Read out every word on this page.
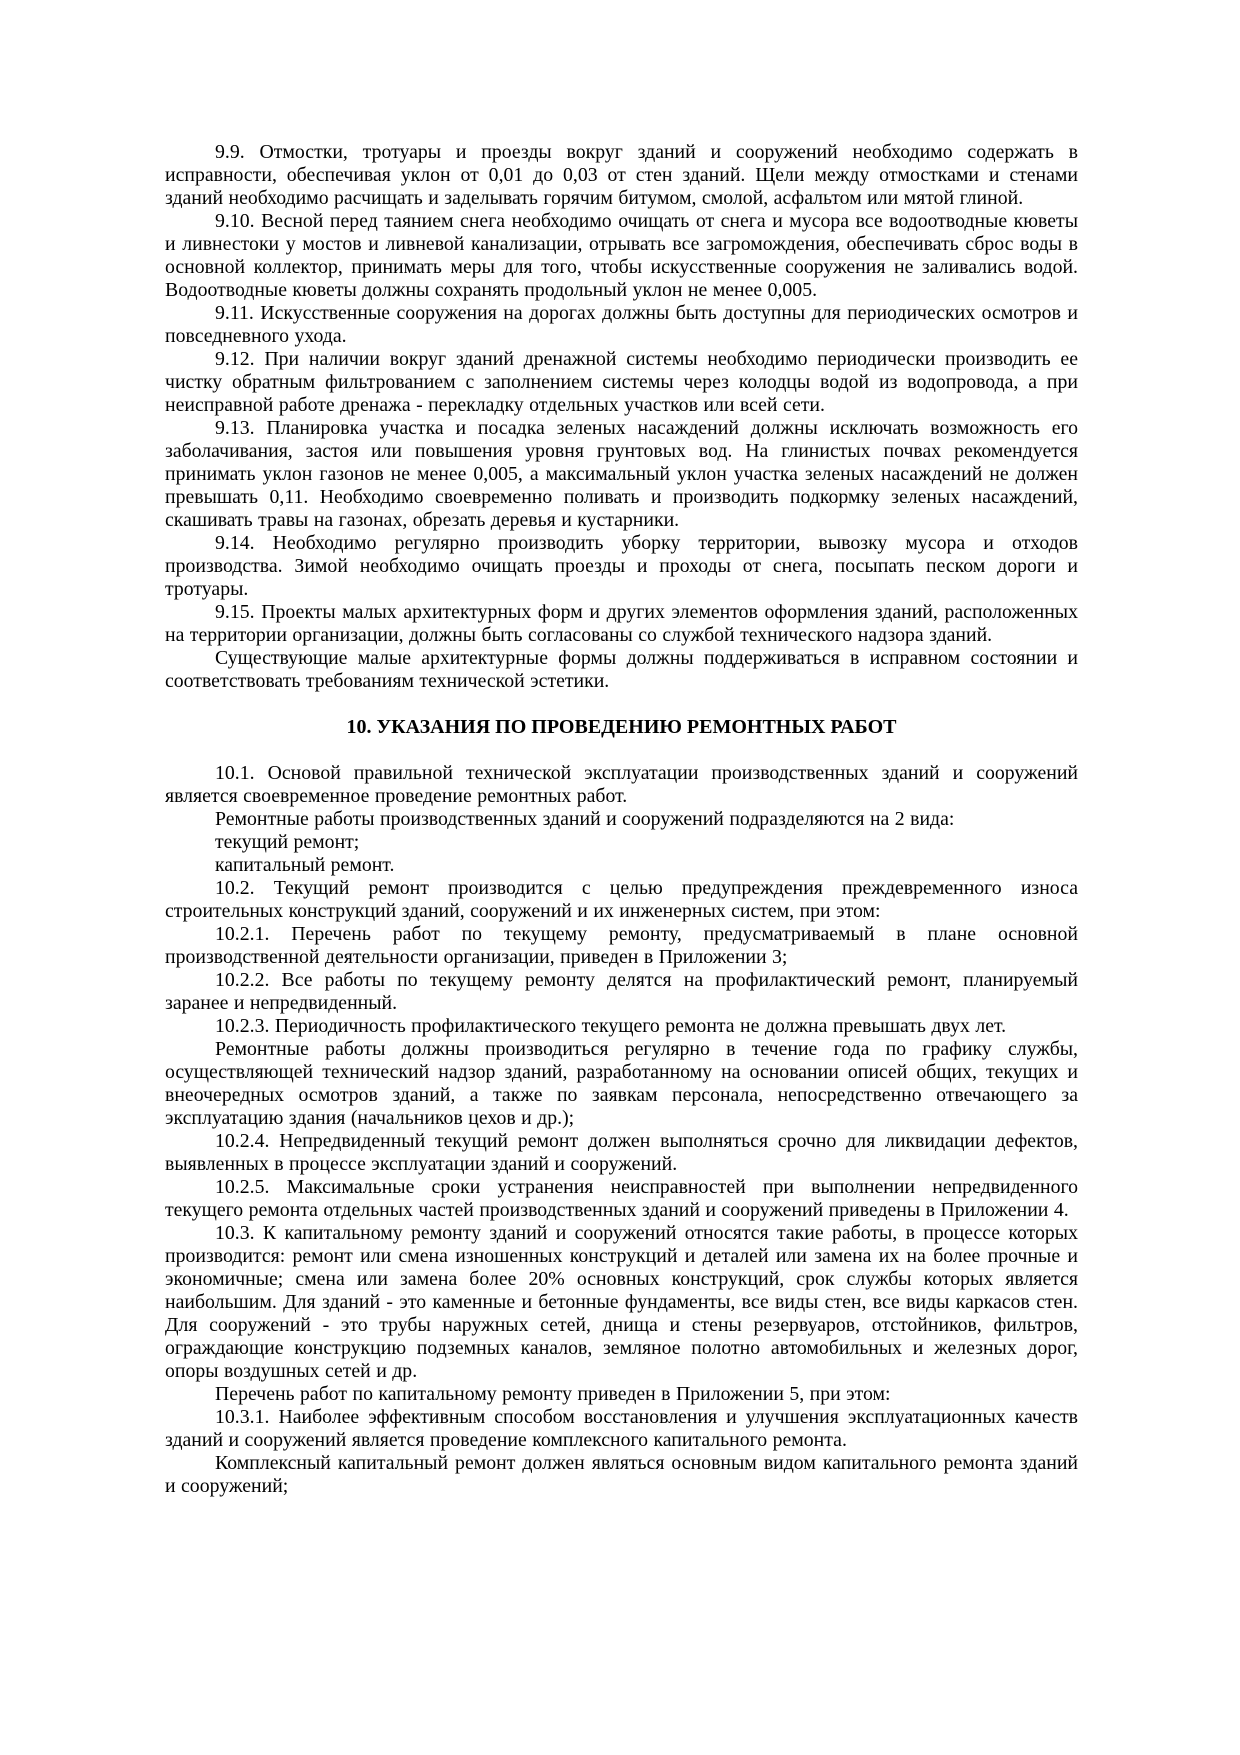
9.9. Отмостки, тротуары и проезды вокруг зданий и сооружений необходимо содержать в исправности, обеспечивая уклон от 0,01 до 0,03 от стен зданий. Щели между отмостками и стенами зданий необходимо расчищать и заделывать горячим битумом, смолой, асфальтом или мятой глиной.

9.10. Весной перед таянием снега необходимо очищать от снега и мусора все водоотводные кюветы и ливнестоки у мостов и ливневой канализации, отрывать все загромождения, обеспечивать сброс воды в основной коллектор, принимать меры для того, чтобы искусственные сооружения не заливались водой. Водоотводные кюветы должны сохранять продольный уклон не менее 0,005.

9.11. Искусственные сооружения на дорогах должны быть доступны для периодических осмотров и повседневного ухода.

9.12. При наличии вокруг зданий дренажной системы необходимо периодически производить ее чистку обратным фильтрованием с заполнением системы через колодцы водой из водопровода, а при неисправной работе дренажа - перекладку отдельных участков или всей сети.

9.13. Планировка участка и посадка зеленых насаждений должны исключать возможность его заболачивания, застоя или повышения уровня грунтовых вод. На глинистых почвах рекомендуется принимать уклон газонов не менее 0,005, а максимальный уклон участка зеленых насаждений не должен превышать 0,11. Необходимо своевременно поливать и производить подкормку зеленых насаждений, скашивать травы на газонах, обрезать деревья и кустарники.

9.14. Необходимо регулярно производить уборку территории, вывозку мусора и отходов производства. Зимой необходимо очищать проезды и проходы от снега, посыпать песком дороги и тротуары.

9.15. Проекты малых архитектурных форм и других элементов оформления зданий, расположенных на территории организации, должны быть согласованы со службой технического надзора зданий.

Существующие малые архитектурные формы должны поддерживаться в исправном состоянии и соответствовать требованиям технической эстетики.

10. УКАЗАНИЯ ПО ПРОВЕДЕНИЮ РЕМОНТНЫХ РАБОТ

10.1. Основой правильной технической эксплуатации производственных зданий и сооружений является своевременное проведение ремонтных работ.

Ремонтные работы производственных зданий и сооружений подразделяются на 2 вида:

текущий ремонт;

капитальный ремонт.

10.2. Текущий ремонт производится с целью предупреждения преждевременного износа строительных конструкций зданий, сооружений и их инженерных систем, при этом:

10.2.1. Перечень работ по текущему ремонту, предусматриваемый в плане основной производственной деятельности организации, приведен в Приложении 3;

10.2.2. Все работы по текущему ремонту делятся на профилактический ремонт, планируемый заранее и непредвиденный.

10.2.3. Периодичность профилактического текущего ремонта не должна превышать двух лет.

Ремонтные работы должны производиться регулярно в течение года по графику службы, осуществляющей технический надзор зданий, разработанному на основании описей общих, текущих и внеочередных осмотров зданий, а также по заявкам персонала, непосредственно отвечающего за эксплуатацию здания (начальников цехов и др.);

10.2.4. Непредвиденный текущий ремонт должен выполняться срочно для ликвидации дефектов, выявленных в процессе эксплуатации зданий и сооружений.

10.2.5. Максимальные сроки устранения неисправностей при выполнении непредвиденного текущего ремонта отдельных частей производственных зданий и сооружений приведены в Приложении 4.

10.3. К капитальному ремонту зданий и сооружений относятся такие работы, в процессе которых производится: ремонт или смена изношенных конструкций и деталей или замена их на более прочные и экономичные; смена или замена более 20% основных конструкций, срок службы которых является наибольшим. Для зданий - это каменные и бетонные фундаменты, все виды стен, все виды каркасов стен. Для сооружений - это трубы наружных сетей, днища и стены резервуаров, отстойников, фильтров, ограждающие конструкцию подземных каналов, земляное полотно автомобильных и железных дорог, опоры воздушных сетей и др.

Перечень работ по капитальному ремонту приведен в Приложении 5, при этом:

10.3.1. Наиболее эффективным способом восстановления и улучшения эксплуатационных качеств зданий и сооружений является проведение комплексного капитального ремонта.

Комплексный капитальный ремонт должен являться основным видом капитального ремонта зданий и сооружений;
